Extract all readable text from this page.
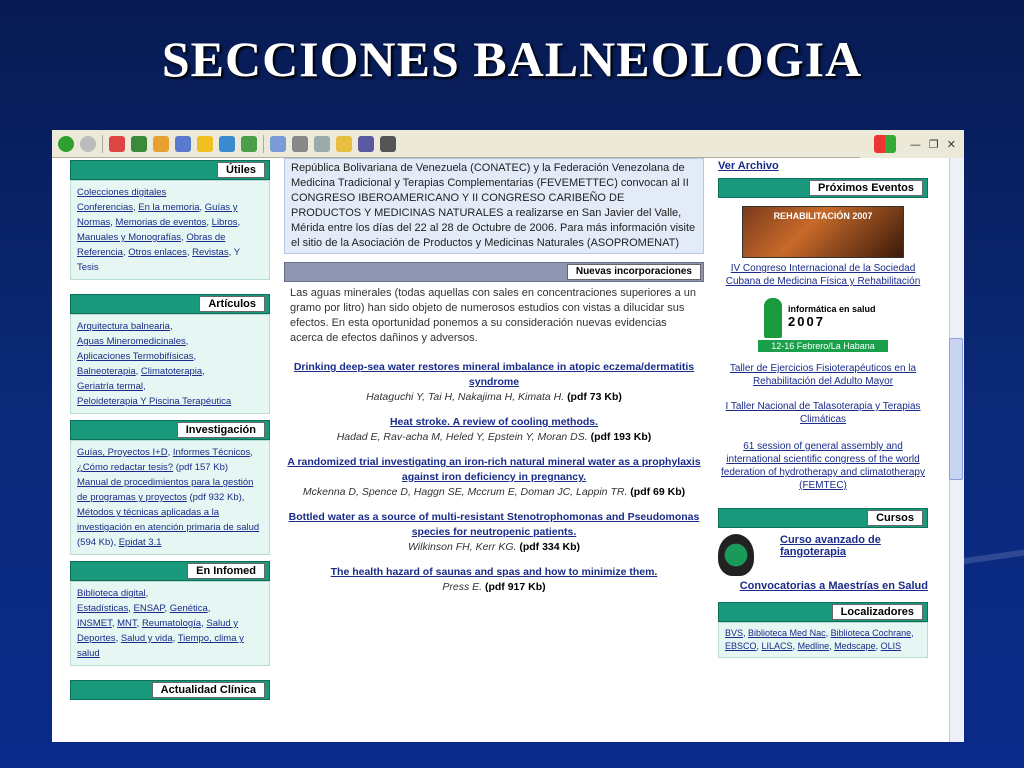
SECCIONES BALNEOLOGIA
— ❐ ✕
Útiles
Colecciones digitales
Conferencias, En la memoria, Guías y Normas, Memorias de eventos, Libros, Manuales y Monografías, Obras de Referencia, Otros enlaces, Revistas, Y Tesis
Artículos
Arquitectura balnearia,
Aguas Mineromedicinales,
Aplicaciones Termobifísicas,
Balneoterapia, Climatoterapia,
Geriatría termal,
Peloideterapia Y Piscina Terapéutica
Investigación
Guías, Proyectos I+D, Informes Técnicos, ¿Cómo redactar tesis? (pdf 157 Kb)
Manual de procedimientos para la gestión de programas y proyectos (pdf 932 Kb), Métodos y técnicas aplicadas a la investigación en atención primaria de salud (594 Kb), Epidat 3.1
En Infomed
Biblioteca digital,
Estadísticas, ENSAP, Genética,
INSMET, MNT, Reumatología, Salud y Deportes, Salud y vida, Tiempo, clima y salud
Actualidad Clínica
República Bolivariana de Venezuela (CONATEC) y la Federación Venezolana de Medicina Tradicional y Terapias Complementarias (FEVEMETTEC) convocan al II CONGRESO IBEROAMERICANO Y II CONGRESO CARIBEÑO DE PRODUCTOS Y MEDICINAS NATURALES a realizarse en San Javier del Valle, Mérida entre los días del 22 al 28 de Octubre de 2006. Para más información visite el sitio de la Asociación de Productos y Medicinas Naturales (ASOPROMENAT)
Nuevas incorporaciones
Las aguas minerales (todas aquellas con sales en concentraciones superiores a un gramo por litro) han sido objeto de numerosos estudios con vistas a dilucidar sus efectos. En esta oportunidad ponemos a su consideración nuevas evidencias acerca de efectos dañinos y adversos.
Drinking deep-sea water restores mineral imbalance in atopic eczema/dermatitis syndrome
Hataguchi Y, Tai H, Nakajima H, Kimata H. (pdf 73 Kb)
Heat stroke. A review of cooling methods.
Hadad E, Rav-acha M, Heled Y, Epstein Y, Moran DS. (pdf 193 Kb)
A randomized trial investigating an iron-rich natural mineral water as a prophylaxis against iron deficiency in pregnancy.
Mckenna D, Spence D, Haggn SE, Mccrum E, Doman JC, Lappin TR. (pdf 69 Kb)
Bottled water as a source of multi-resistant Stenotrophomonas and Pseudomonas species for neutropenic patients.
Wilkinson FH, Kerr KG. (pdf 334 Kb)
The health hazard of saunas and spas and how to minimize them.
Press E. (pdf 917 Kb)
Ver Archivo
Próximos Eventos
REHABILITACIÓN 2007
IV Congreso Internacional de la Sociedad Cubana de Medicina Física y Rehabilitación
informática en salud
2007
12-16 Febrero/La Habana
Taller de Ejercicios Fisioterapéuticos en la Rehabilitación del Adulto Mayor
I Taller Nacional de Talasoterapia y Terapias Climáticas
61 session of general assembly and international scientific congress of the world federation of hydrotherapy and climatotherapy (FEMTEC)
Cursos
Curso avanzado de fangoterapia
Convocatorias a Maestrías en Salud
Localizadores
BVS, Biblioteca Med Nac, Biblioteca Cochrane, EBSCO, LILACS, Medline, Medscape, OLIS
